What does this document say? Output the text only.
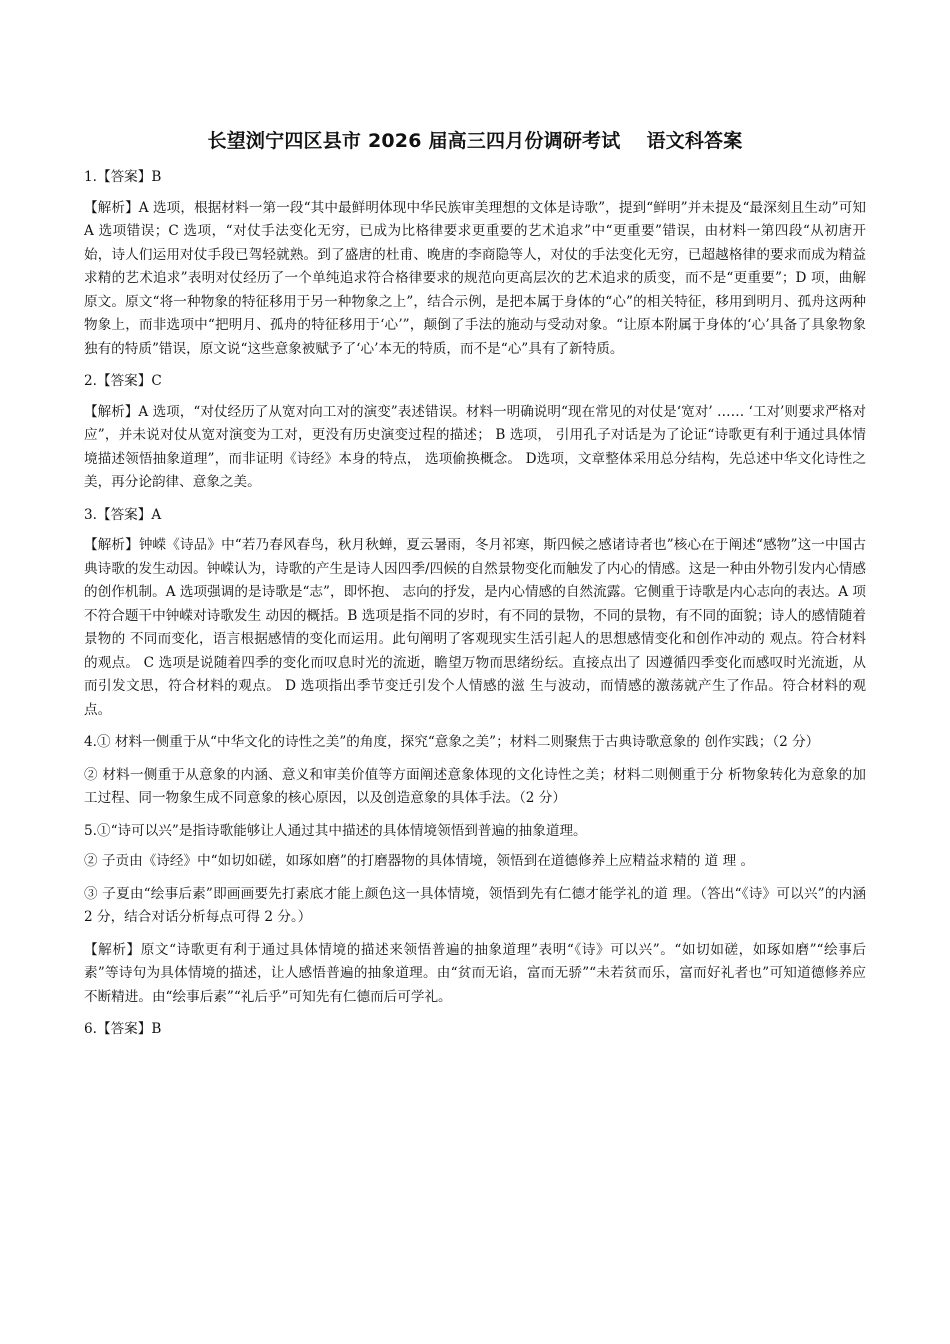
长望浏宁四区县市 2026 届高三四月份调研考试　 语文科答案

1.【答案】B

【解析】A 选项，根据材料一第一段“其中最鲜明体现中华民族审美理想的文体是诗歌”，提到“鲜明”并未提及“最深刻且生动”可知 A 选项错误；C 选项，“对仗手法变化无穷，已成为比格律要求更重要的艺术追求”中“更重要”错误，由材料一第四段“从初唐开始，诗人们运用对仗手段已驾轻就熟。到了盛唐的杜甫、晚唐的李商隐等人，对仗的手法变化无穷，已超越格律的要求而成为精益求精的艺术追求”表明对仗经历了一个单纯追求符合格律要求的规范向更高层次的艺术追求的质变，而不是“更重要”；D 项，曲解原文。原文“将一种物象的特征移用于另一种物象之上”，结合示例，是把本属于身体的“心”的相关特征，移用到明月、孤舟这两种物象上，而非选项中“把明月、孤舟的特征移用于‘心’”，颠倒了手法的施动与受动对象。“让原本附属于身体的‘心’具备了具象物象独有的特质”错误，原文说“这些意象被赋予了‘心’本无的特质，而不是“心”具有了新特质。

2.【答案】C

【解析】A 选项，“对仗经历了从宽对向工对的演变”表述错误。材料一明确说明“现在常见的对仗是‘宽对’ …… ‘工对’则要求严格对应”，并未说对仗从宽对演变为工对，更没有历史演变过程的描述； B 选项， 引用孔子对话是为了论证“诗歌更有利于通过具体情境描述领悟抽象道理”，而非证明《诗经》本身的特点， 选项偷换概念。 D选项，文章整体采用总分结构，先总述中华文化诗性之美，再分论韵律、意象之美。

3.【答案】A

【解析】钟嵘《诗品》中“若乃春风春鸟，秋月秋蝉，夏云暑雨，冬月祁寒，斯四候之感诸诗者也”核心在于阐述“感物”这一中国古典诗歌的发生动因。钟嵘认为，诗歌的产生是诗人因四季/四候的自然景物变化而触发了内心的情感。这是一种由外物引发内心情感的创作机制。A 选项强调的是诗歌是“志”，即怀抱、 志向的抒发，是内心情感的自然流露。它侧重于诗歌是内心志向的表达。A 项不符合题干中钟嵘对诗歌发生 动因的概括。B 选项是指不同的岁时，有不同的景物，不同的景物，有不同的面貌；诗人的感情随着景物的 不同而变化，语言根据感情的变化而运用。此句阐明了客观现实生活引起人的思想感情变化和创作冲动的 观点。符合材料的观点。 C 选项是说随着四季的变化而叹息时光的流逝，瞻望万物而思绪纷纭。直接点出了 因遵循四季变化而感叹时光流逝，从而引发文思，符合材料的观点。 D 选项指出季节变迁引发个人情感的滋 生与波动，而情感的激荡就产生了作品。符合材料的观点。

4.① 材料一侧重于从“中华文化的诗性之美”的角度，探究“意象之美”；材料二则聚焦于古典诗歌意象的 创作实践；（2 分）

② 材料一侧重于从意象的内涵、意义和审美价值等方面阐述意象体现的文化诗性之美；材料二则侧重于分 析物象转化为意象的加工过程、同一物象生成不同意象的核心原因，以及创造意象的具体手法。（2 分）

5.①“诗可以兴”是指诗歌能够让人通过其中描述的具体情境领悟到普遍的抽象道理。

② 子贡由《诗经》中“如切如磋，如琢如磨”的打磨器物的具体情境，领悟到在道德修养上应精益求精的 道 理 。

③ 子夏由“绘事后素”即画画要先打素底才能上颜色这一具体情境，领悟到先有仁德才能学礼的道 理。（答出“《诗》可以兴”的内涵 2 分，结合对话分析每点可得 2 分。）

【解析】原文“诗歌更有利于通过具体情境的描述来领悟普遍的抽象道理”表明“《诗》可以兴”。“如切如磋，如琢如磨”“绘事后素”等诗句为具体情境的描述，让人感悟普遍的抽象道理。由“贫而无谄，富而无骄”“未若贫而乐，富而好礼者也”可知道德修养应不断精进。由“绘事后素”“礼后乎”可知先有仁德而后可学礼。

6.【答案】B
